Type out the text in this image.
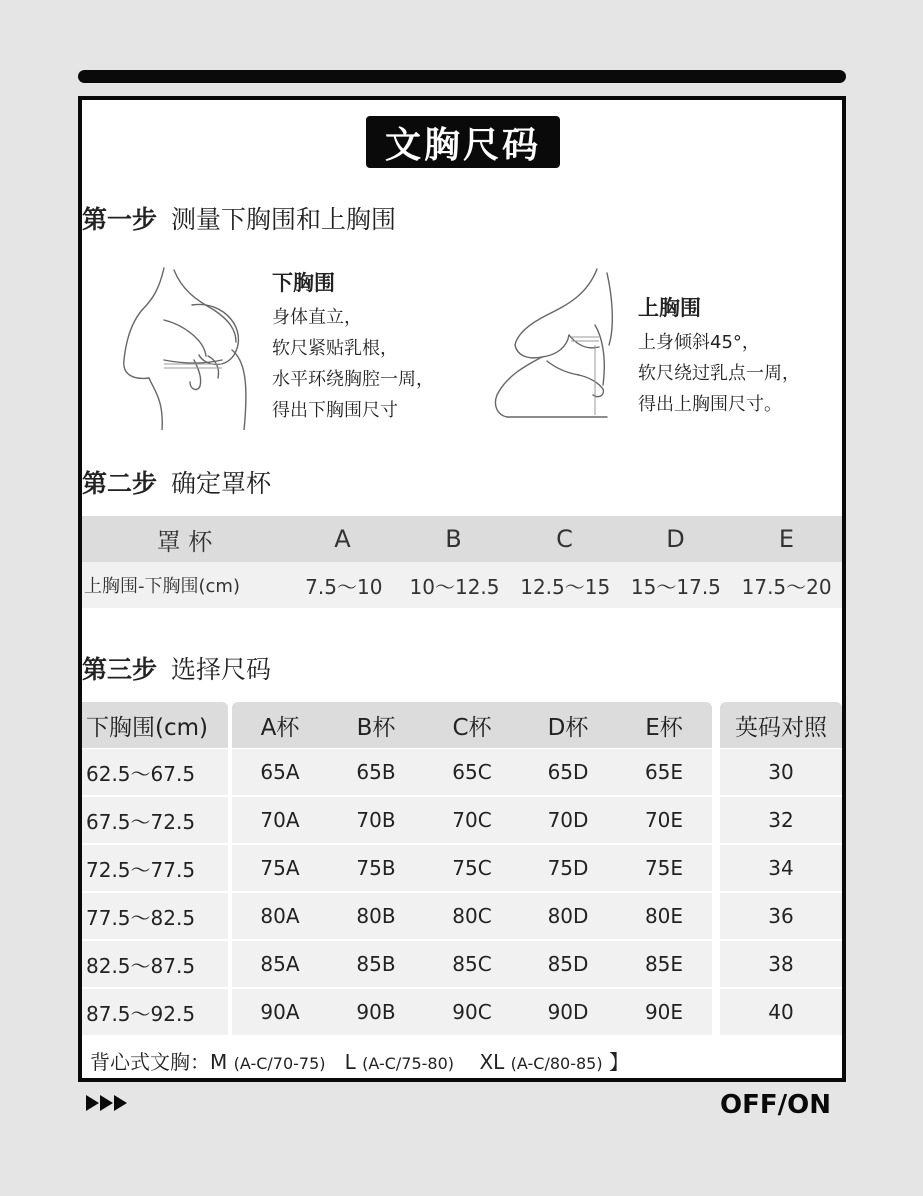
文胸尺码
第一步 测量下胸围和上胸围
下胸围
身体直立，
软尺紧贴乳根，
水平环绕胸腔一周，
得出下胸围尺寸
上胸围
上身倾斜45°，
软尺绕过乳点一周，
得出上胸围尺寸。
第二步 确定罩杯
罩 杯	A	B	C	D	E
上胸围-下胸围(cm)	7.5～10	10～12.5	12.5～15	15～17.5	17.5～20
第三步 选择尺码
下胸围(cm)	A杯	B杯	C杯	D杯	E杯	英码对照
62.5～67.5	65A	65B	65C	65D	65E	30
67.5～72.5	70A	70B	70C	70D	70E	32
72.5～77.5	75A	75B	75C	75D	75E	34
77.5～82.5	80A	80B	80C	80D	80E	36
82.5～87.5	85A	85B	85C	85D	85E	38
87.5～92.5	90A	90B	90C	90D	90E	40
背心式文胸：M (A-C/70-75) L (A-C/75-80) XL (A-C/80-85) 】
OFF/ON
